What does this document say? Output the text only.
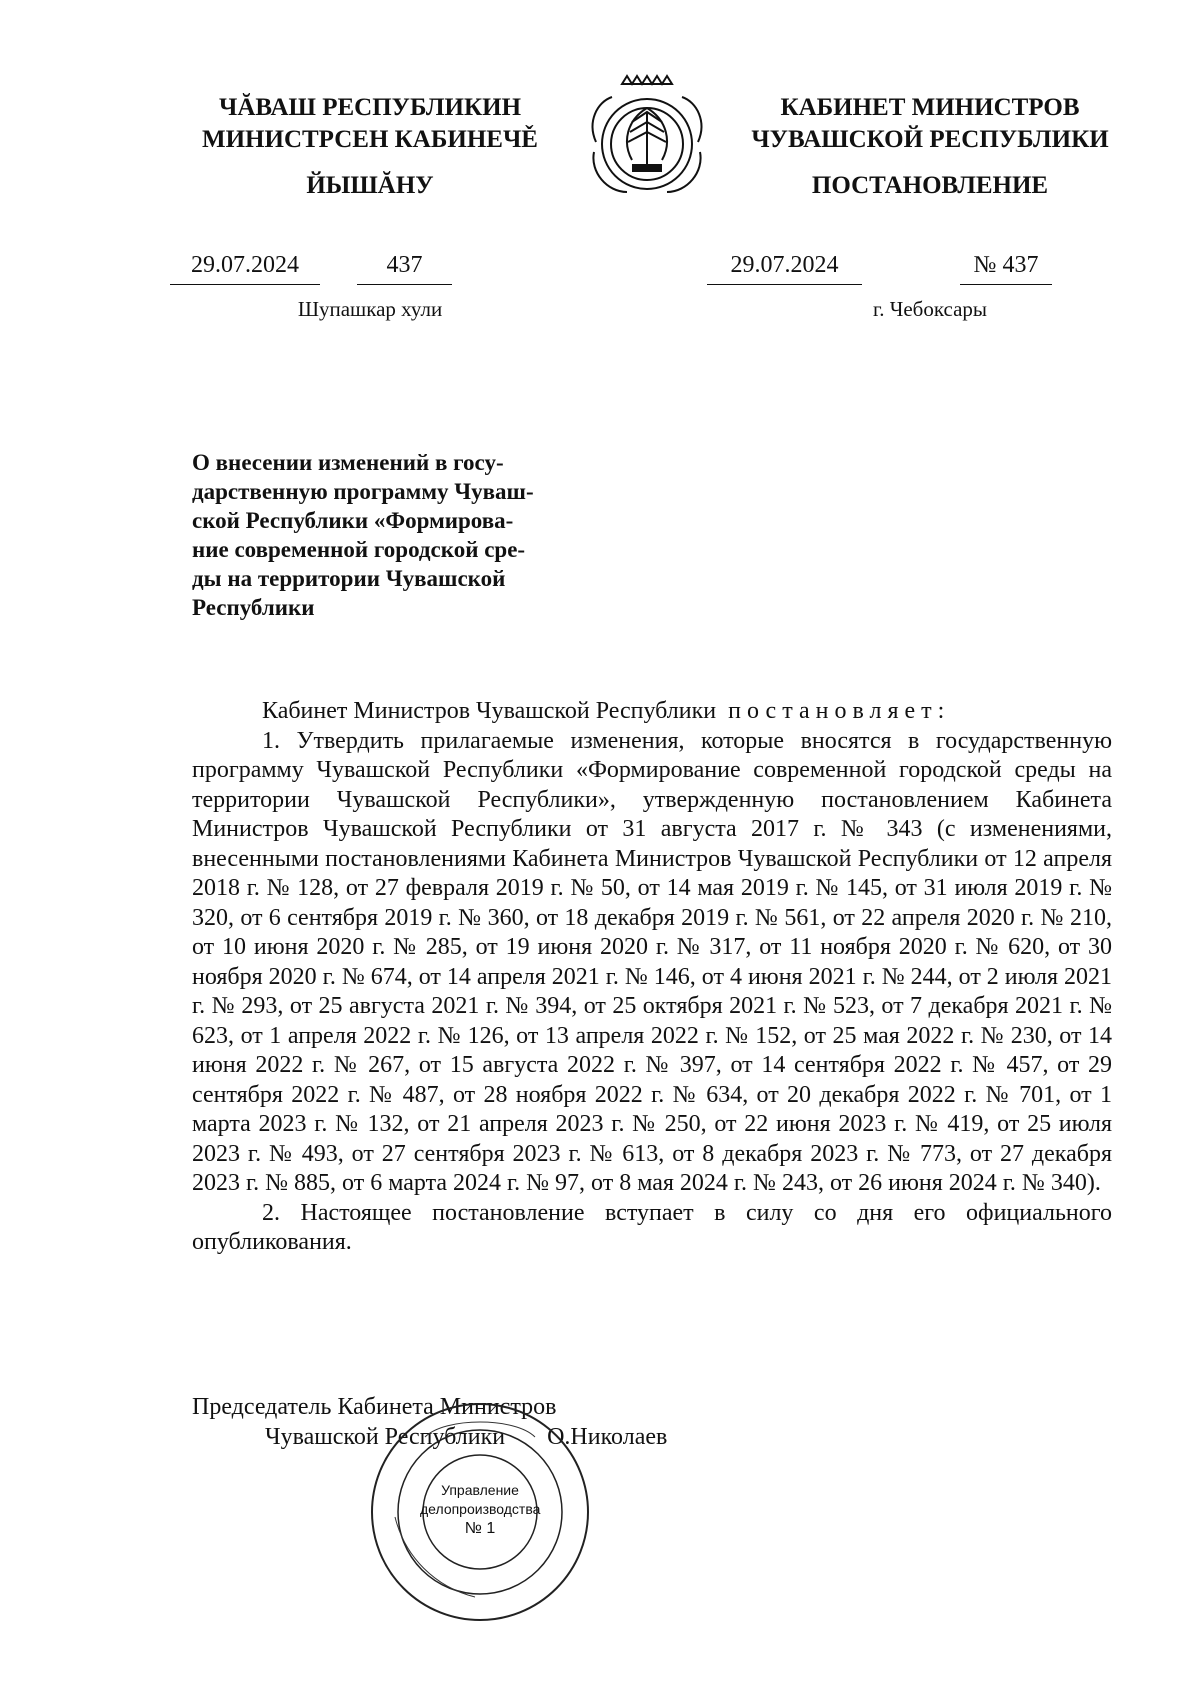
ЧĂВАШ РЕСПУБЛИКИН
МИНИСТРСЕН КАБИНЕЧĚ
ЙЫШĂНУ
КАБИНЕТ МИНИСТРОВ
ЧУВАШСКОЙ РЕСПУБЛИКИ
ПОСТАНОВЛЕНИЕ
29.07.2024	437
Шупашкар хули
29.07.2024	№ 437
г. Чебоксары
О внесении изменений в госу-
дарственную программу Чуваш-
ской Республики «Формирова-
ние современной городской сре-
ды на территории Чувашской
Республики

Кабинет Министров Чувашской Республики постановляет:

1. Утвердить прилагаемые изменения, которые вносятся в государственную программу Чувашской Республики «Формирование современной городской среды на территории Чувашской Республики», утвержденную постановлением Кабинета Министров Чувашской Республики от 31 августа 2017 г. № 343 (с изменениями, внесенными постановлениями Кабинета Министров Чувашской Республики от 12 апреля 2018 г. № 128, от 27 февраля 2019 г. № 50, от 14 мая 2019 г. № 145, от 31 июля 2019 г. № 320, от 6 сентября 2019 г. № 360, от 18 декабря 2019 г. № 561, от 22 апреля 2020 г. № 210, от 10 июня 2020 г. № 285, от 19 июня 2020 г. № 317, от 11 ноября 2020 г. № 620, от 30 ноября 2020 г. № 674, от 14 апреля 2021 г. № 146, от 4 июня 2021 г. № 244, от 2 июля 2021 г. № 293, от 25 августа 2021 г. № 394, от 25 октября 2021 г. № 523, от 7 декабря 2021 г. № 623, от 1 апреля 2022 г. № 126, от 13 апреля 2022 г. № 152, от 25 мая 2022 г. № 230, от 14 июня 2022 г. № 267, от 15 августа 2022 г. № 397, от 14 сентября 2022 г. № 457, от 29 сентября 2022 г. № 487, от 28 ноября 2022 г. № 634, от 20 декабря 2022 г. № 701, от 1 марта 2023 г. № 132, от 21 апреля 2023 г. № 250, от 22 июня 2023 г. № 419, от 25 июля 2023 г. № 493, от 27 сентября 2023 г. № 613, от 8 декабря 2023 г. № 773, от 27 декабря 2023 г. № 885, от 6 марта 2024 г. № 97, от 8 мая 2024 г. № 243, от 26 июня 2024 г. № 340).

2. Настоящее постановление вступает в силу со дня его официального опубликования.

Председатель Кабинета Министров
Чувашской Республики О.Николаев
Управление
делопроизводства
№ 1
